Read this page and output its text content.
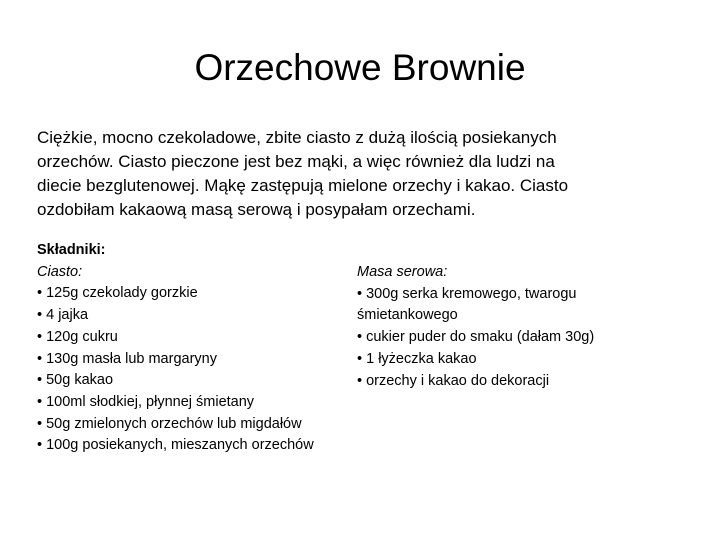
Orzechowe Brownie

Ciężkie, mocno czekoladowe, zbite ciasto z dużą ilością posiekanych

orzechów. Ciasto pieczone jest bez mąki, a więc również dla ludzi na

diecie bezglutenowej. Mąkę zastępują mielone orzechy i kakao. Ciasto

ozdobiłam kakaową masą serową i posypałam orzechami.

Składniki:
Ciasto:
• 125g czekolady gorzkie
• 4 jajka
• 120g cukru
• 130g masła lub margaryny
• 50g kakao
• 100ml słodkiej, płynnej śmietany
• 50g zmielonych orzechów lub migdałów
• 100g posiekanych, mieszanych orzechów
Masa serowa:
• 300g serka kremowego, twarogu
śmietankowego
• cukier puder do smaku (dałam 30g)
• 1 łyżeczka kakao
• orzechy i kakao do dekoracji
